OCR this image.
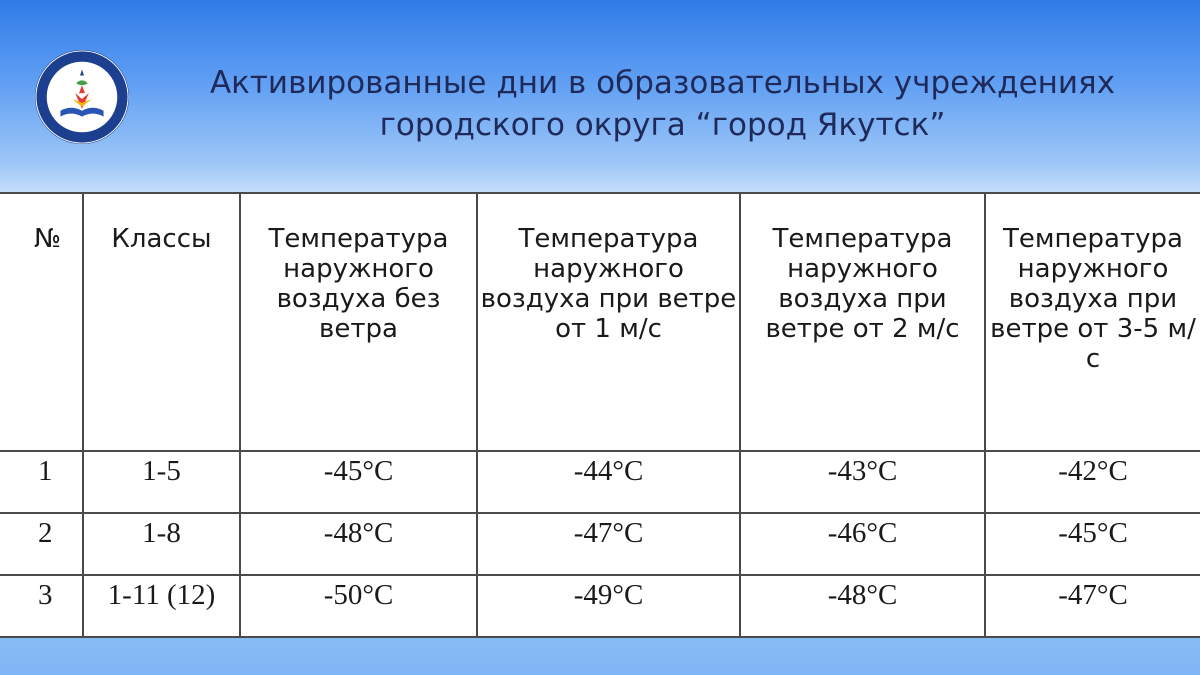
Активированные дни в образовательных учреждениях
городского округа “город Якутск”
№	Классы	Температура наружного воздуха без ветра	Температура наружного воздуха при ветре от 1 м/с	Температура наружного воздуха при ветре от 2 м/с	Температура наружного воздуха при ветре от 3-5 м/с
1	1-5	-45°С	-44°С	-43°С	-42°С
2	1-8	-48°С	-47°С	-46°С	-45°С
3	1-11 (12)	-50°С	-49°С	-48°С	-47°С
